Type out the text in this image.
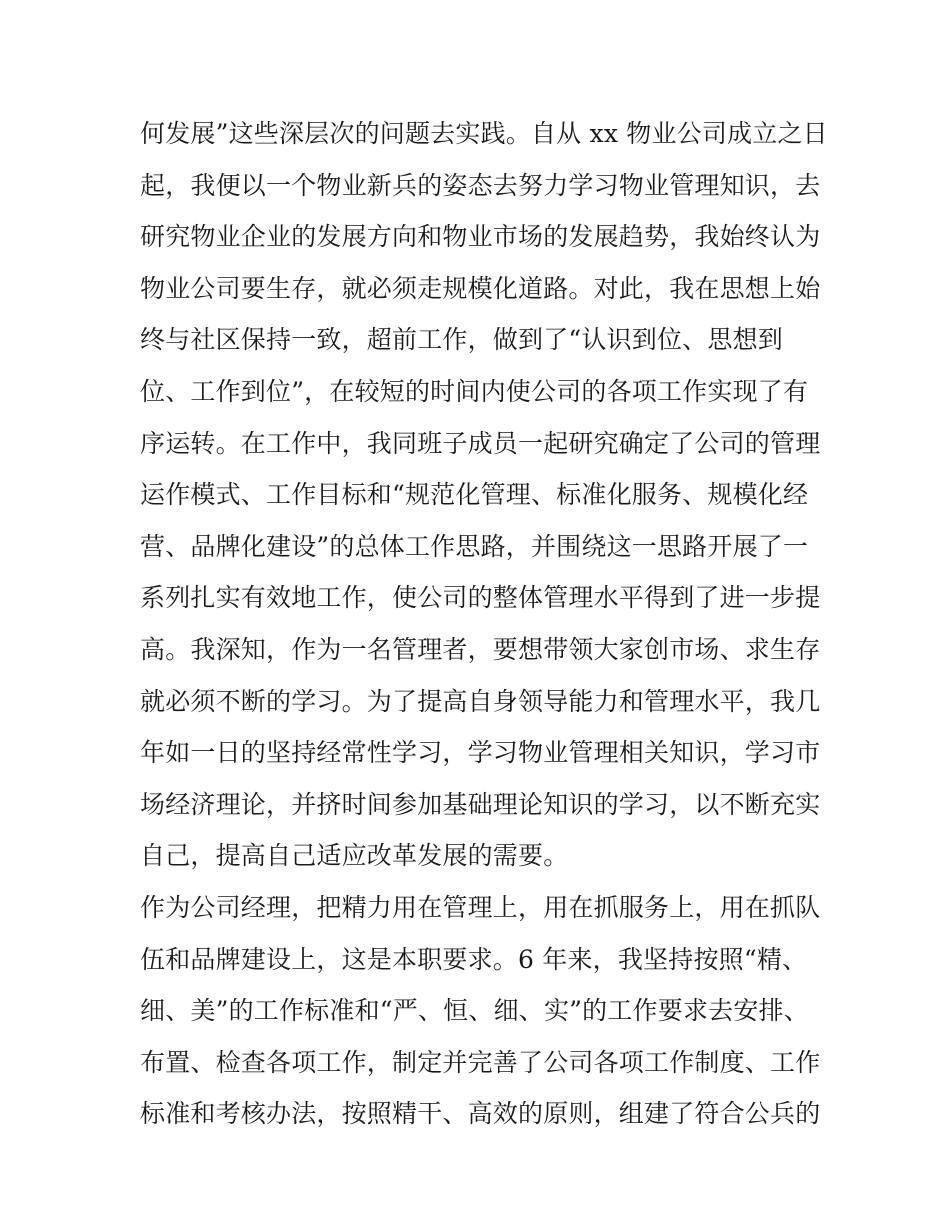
何发展”这些深层次的问题去实践。自从 xx 物业公司成立之日
起，我便以一个物业新兵的姿态去努力学习物业管理知识，去
研究物业企业的发展方向和物业市场的发展趋势，我始终认为
物业公司要生存，就必须走规模化道路。对此，我在思想上始
终与社区保持一致，超前工作，做到了“认识到位、思想到
位、工作到位”，在较短的时间内使公司的各项工作实现了有
序运转。在工作中，我同班子成员一起研究确定了公司的管理
运作模式、工作目标和“规范化管理、标准化服务、规模化经
营、品牌化建设”的总体工作思路，并围绕这一思路开展了一
系列扎实有效地工作，使公司的整体管理水平得到了进一步提
高。我深知，作为一名管理者，要想带领大家创市场、求生存
就必须不断的学习。为了提高自身领导能力和管理水平，我几
年如一日的坚持经常性学习，学习物业管理相关知识，学习市
场经济理论，并挤时间参加基础理论知识的学习，以不断充实
自己，提高自己适应改革发展的需要。
作为公司经理，把精力用在管理上，用在抓服务上，用在抓队
伍和品牌建设上，这是本职要求。6 年来，我坚持按照“精、
细、美”的工作标准和“严、恒、细、实”的工作要求去安排、
布置、检查各项工作，制定并完善了公司各项工作制度、工作
标准和考核办法，按照精干、高效的原则，组建了符合公兵的
